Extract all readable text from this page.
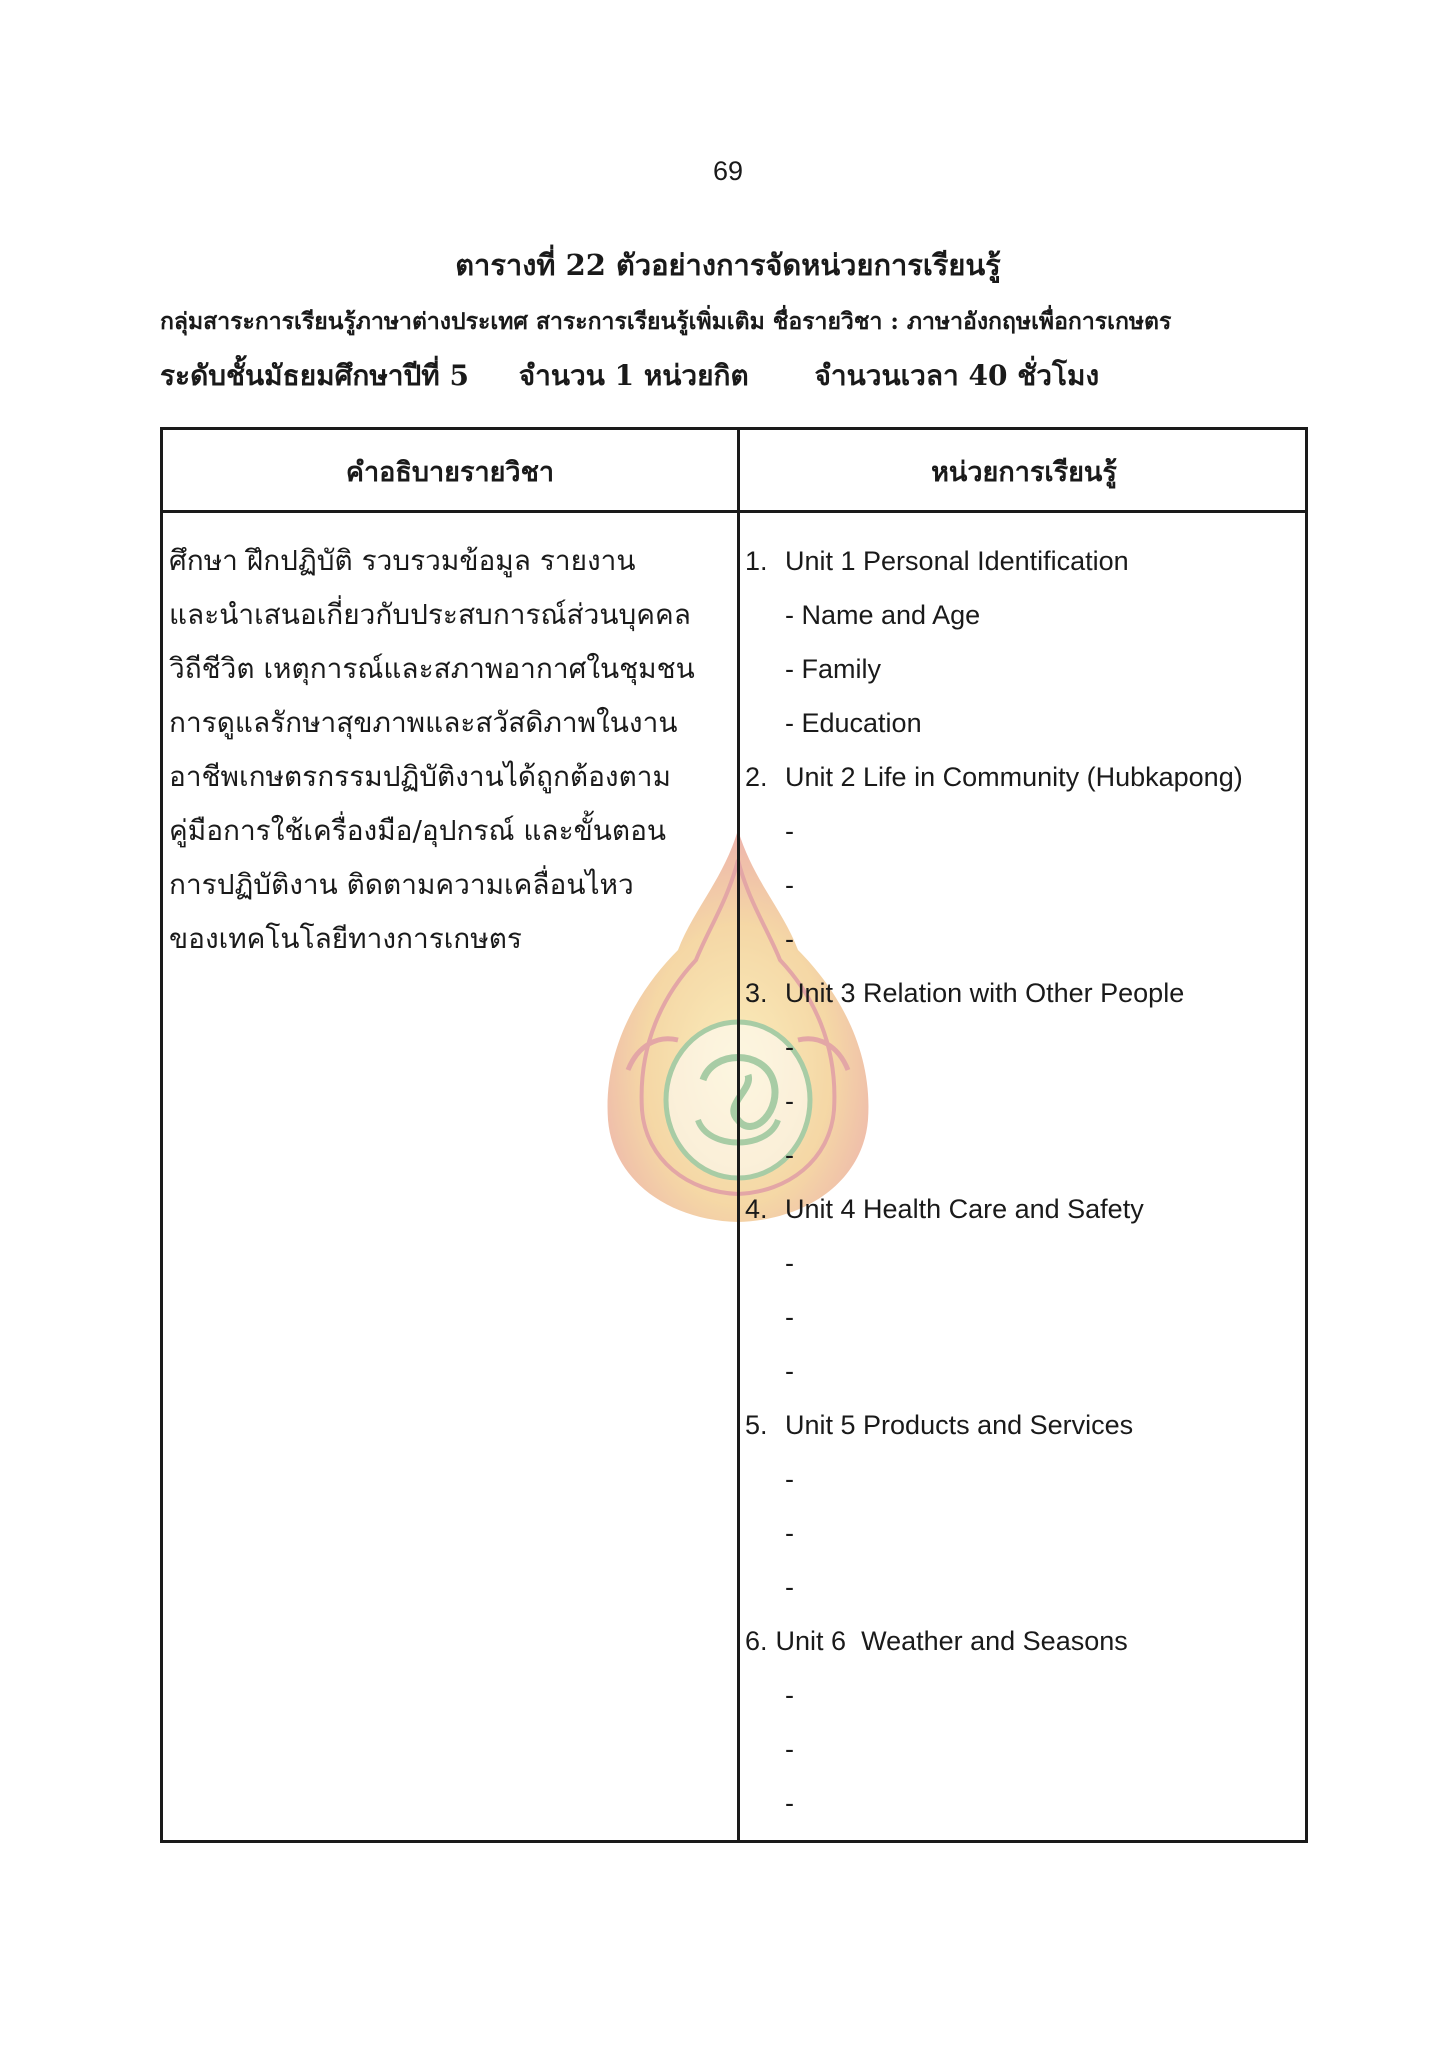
69
ตารางที่ 22 ตัวอย่างการจัดหน่วยการเรียนรู้
กลุ่มสาระการเรียนรู้ภาษาต่างประเทศ สาระการเรียนรู้เพิ่มเติม ชื่อรายวิชา : ภาษาอังกฤษเพื่อการเกษตร
ระดับชั้นมัธยมศึกษาปีที่ 5 จำนวน 1 หน่วยกิต จำนวนเวลา 40 ชั่วโมง
คำอธิบายรายวิชา	หน่วยการเรียนรู้
ศึกษา ฝึกปฏิบัติ รวบรวมข้อมูล รายงาน
และนำเสนอเกี่ยวกับประสบการณ์ส่วนบุคคล
วิถีชีวิต เหตุการณ์และสภาพอากาศในชุมชน
การดูแลรักษาสุขภาพและสวัสดิภาพในงาน
อาชีพเกษตรกรรมปฏิบัติงานได้ถูกต้องตาม
คู่มือการใช้เครื่องมือ/อุปกรณ์ และขั้นตอน
การปฏิบัติงาน ติดตามความเคลื่อนไหว
ของเทคโนโลยีทางการเกษตร
1. Unit 1 Personal Identification
- Name and Age
- Family
- Education
2. Unit 2 Life in Community (Hubkapong)
-
-
-
3. Unit 3 Relation with Other People
-
-
-
4. Unit 4 Health Care and Safety
-
-
-
5. Unit 5 Products and Services
-
-
-
6. Unit 6  Weather and Seasons
-
-
-
